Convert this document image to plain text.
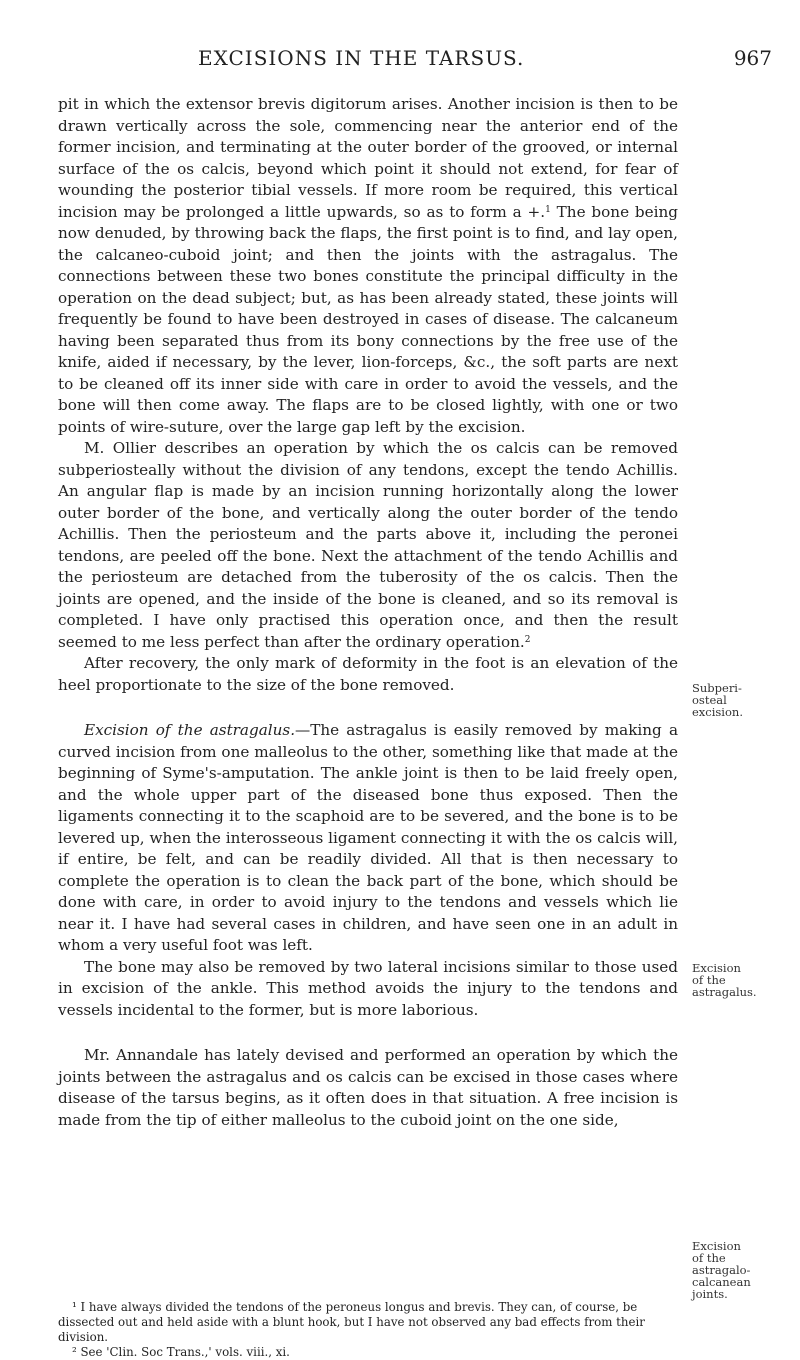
EXCISIONS IN THE TARSUS.	967

pit in which the extensor brevis digitorum arises. Another incision is then to be drawn vertically across the sole, commencing near the anterior end of the former incision, and terminating at the outer border of the grooved, or internal surface of the os calcis, beyond which point it should not extend, for fear of wounding the posterior tibial vessels. If more room be required, this vertical incision may be prolonged a little upwards, so as to form a +.$^1$ The bone being now denuded, by throwing back the flaps, the first point is to find, and lay open, the calcaneo-cuboid joint; and then the joints with the astragalus. The connections between these two bones constitute the principal difficulty in the operation on the dead subject; but, as has been already stated, these joints will frequently be found to have been destroyed in cases of disease. The calcaneum having been separated thus from its bony connections by the free use of the knife, aided if necessary, by the lever, lion-forceps, &c., the soft parts are next to be cleaned off its inner side with care in order to avoid the vessels, and the bone will then come away. The flaps are to be closed lightly, with one or two points of wire-suture, over the large gap left by the excision.

M. Ollier describes an operation by which the os calcis can be removed subperiosteally without the division of any tendons, except the tendo Achillis. An angular flap is made by an incision running horizontally along the lower outer border of the bone, and vertically along the outer border of the tendo Achillis. Then the periosteum and the parts above it, including the peronei tendons, are peeled off the bone. Next the attachment of the tendo Achillis and the periosteum are detached from the tuberosity of the os calcis. Then the joints are opened, and the inside of the bone is cleaned, and so its removal is completed. I have only practised this operation once, and then the result seemed to me less perfect than after the ordinary operation.$^2$

After recovery, the only mark of deformity in the foot is an elevation of the heel proportionate to the size of the bone removed.

Excision of the astragalus.—The astragalus is easily removed by making a curved incision from one malleolus to the other, something like that made at the beginning of Syme's-amputation. The ankle joint is then to be laid freely open, and the whole upper part of the diseased bone thus exposed. Then the ligaments connecting it to the scaphoid are to be severed, and the bone is to be levered up, when the interosseous ligament connecting it with the os calcis will, if entire, be felt, and can be readily divided. All that is then necessary to complete the operation is to clean the back part of the bone, which should be done with care, in order to avoid injury to the tendons and vessels which lie near it. I have had several cases in children, and have seen one in an adult in whom a very useful foot was left.

The bone may also be removed by two lateral incisions similar to those used in excision of the ankle. This method avoids the injury to the tendons and vessels incidental to the former, but is more laborious.

Mr. Annandale has lately devised and performed an operation by which the joints between the astragalus and os calcis can be excised in those cases where disease of the tarsus begins, as it often does in that situation. A free incision is made from the tip of either malleolus to the cuboid joint on the one side,

Subperi-
osteal
excision.
Excision
of the
astragalus.
Excision
of the
astragalo-
calcanean
joints.

¹ I have always divided the tendons of the peroneus longus and brevis. They can, of course, be dissected out and held aside with a blunt hook, but I have not observed any bad effects from their division.

² See 'Clin. Soc Trans.,' vols. viii., xi.
